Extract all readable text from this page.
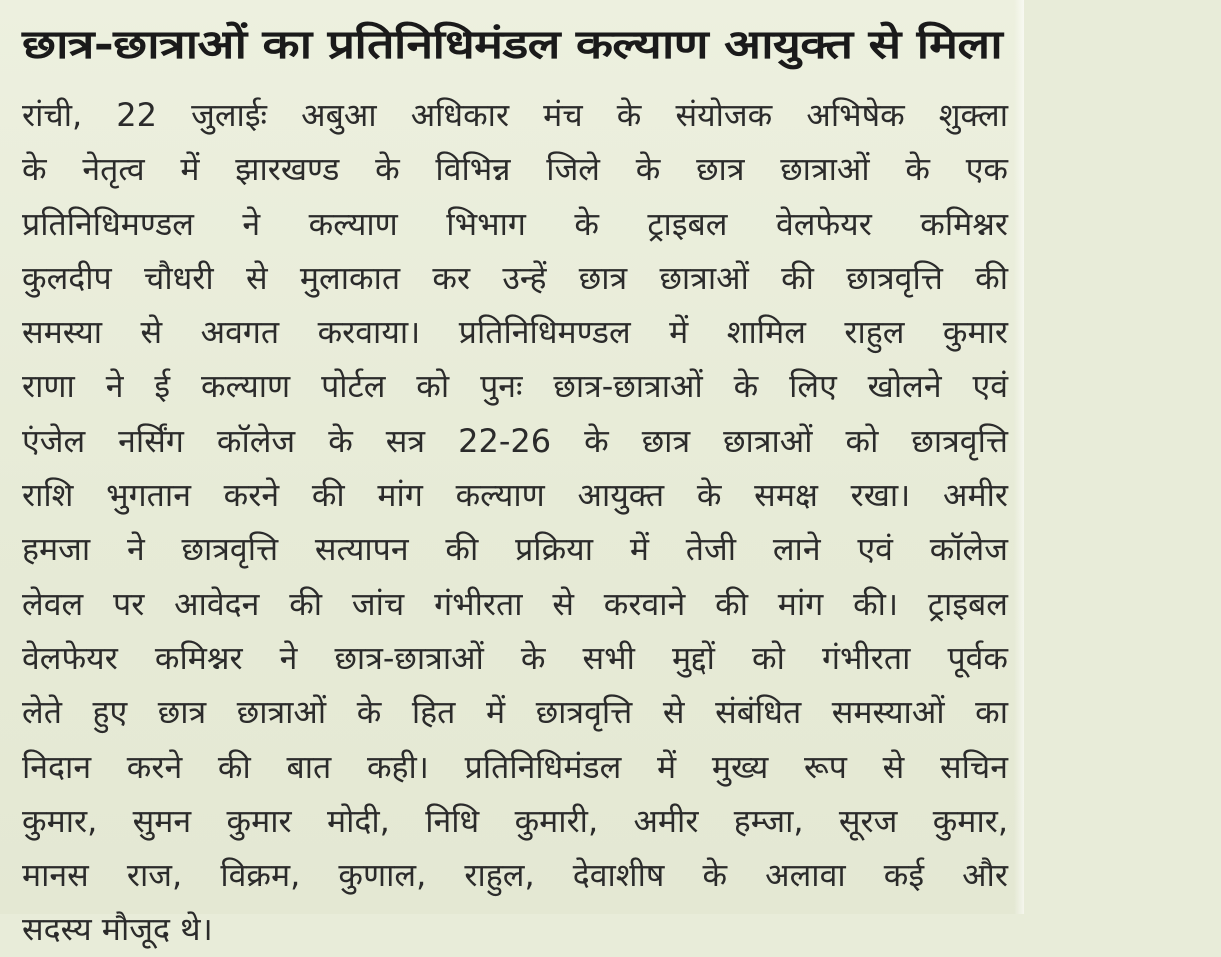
छात्र-छात्राओं का प्रतिनिधिमंडल कल्याण आयुक्त से मिला
रांची, 22 जुलाईः अबुआ अधिकार मंच के संयोजक अभिषेक शुक्ला
के नेतृत्व में झारखण्ड के विभिन्न जिले के छात्र छात्राओं के एक
प्रतिनिधिमण्डल ने कल्याण भिभाग के ट्राइबल वेलफेयर कमिश्नर
कुलदीप चौधरी से मुलाकात कर उन्हें छात्र छात्राओं की छात्रवृत्ति की
समस्या से अवगत करवाया। प्रतिनिधिमण्डल में शामिल राहुल कुमार
राणा ने ई कल्याण पोर्टल को पुनः छात्र-छात्राओं के लिए खोलने एवं
एंजेल नर्सिंग कॉलेज के सत्र 22-26 के छात्र छात्राओं को छात्रवृत्ति
राशि भुगतान करने की मांग कल्याण आयुक्त के समक्ष रखा। अमीर
हमजा ने छात्रवृत्ति सत्यापन की प्रक्रिया में तेजी लाने एवं कॉलेज
लेवल पर आवेदन की जांच गंभीरता से करवाने की मांग की। ट्राइबल
वेलफेयर कमिश्नर ने छात्र-छात्राओं के सभी मुद्दों को गंभीरता पूर्वक
लेते हुए छात्र छात्राओं के हित में छात्रवृत्ति से संबंधित समस्याओं का
निदान करने की बात कही। प्रतिनिधिमंडल में मुख्य रूप से सचिन
कुमार, सुमन कुमार मोदी, निधि कुमारी, अमीर हम्जा, सूरज कुमार,
मानस राज, विक्रम, कुणाल, राहुल, देवाशीष के अलावा कई और
सदस्य मौजूद थे।
